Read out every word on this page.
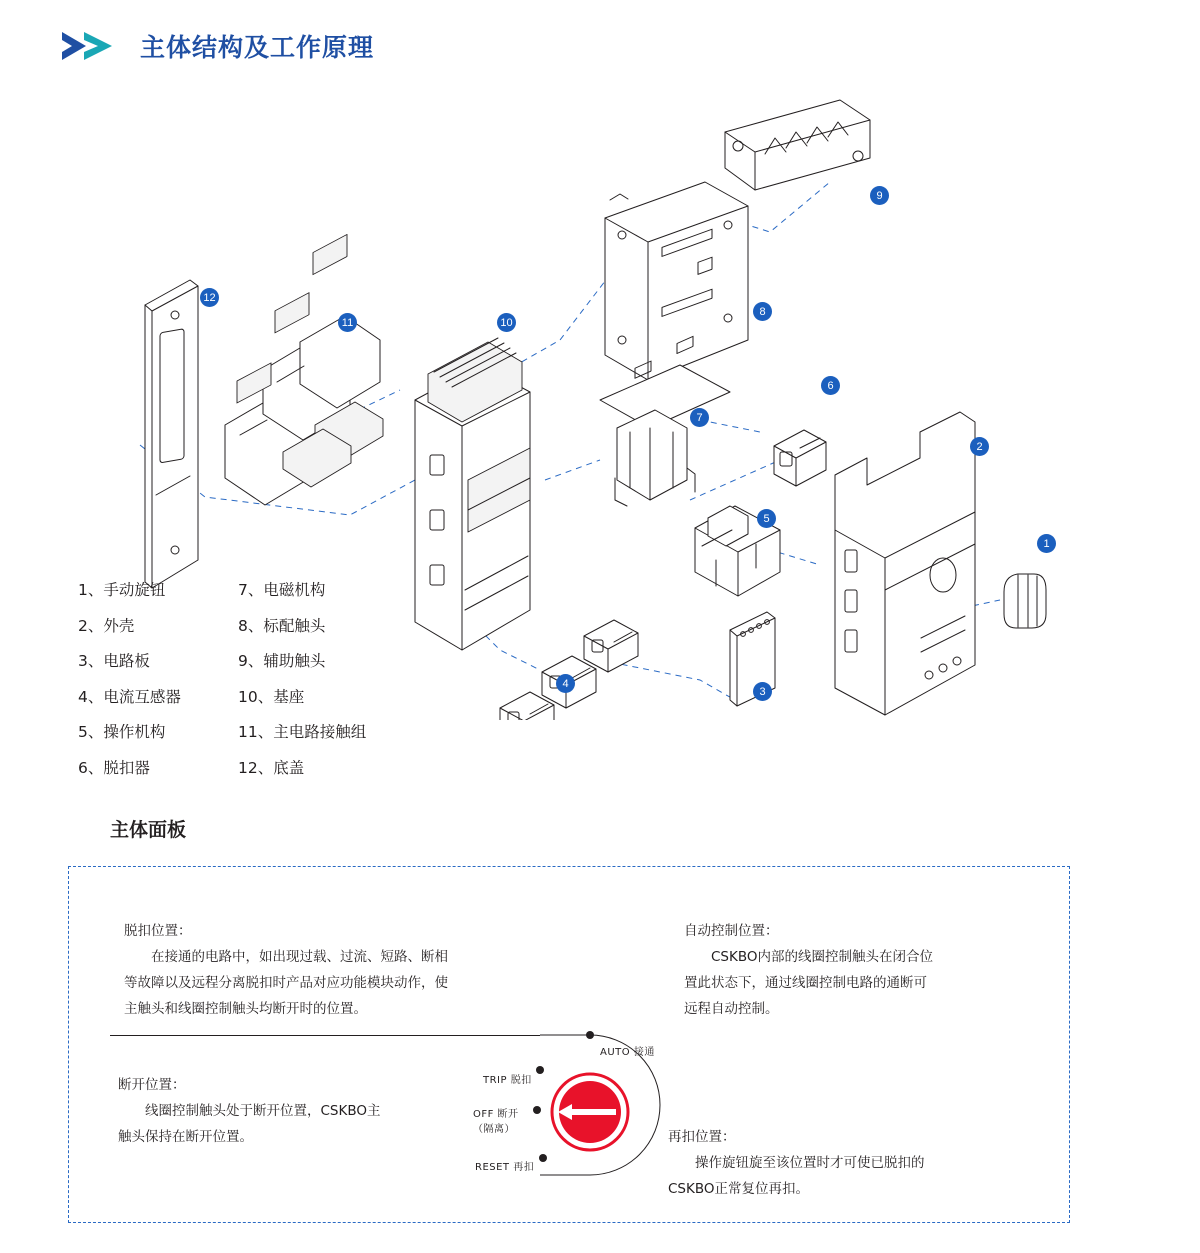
主体结构及工作原理
12
11	10
9
8
7
6
5
4
3
2
1
1、手动旋钮
2、外壳
3、电路板
4、电流互感器
5、操作机构
6、脱扣器
7、电磁机构
8、标配触头
9、辅助触头
10、基座
11、主电路接触组
12、底盖
主体面板
脱扣位置：
在接通的电路中，如出现过载、过流、短路、断相
等故障以及远程分离脱扣时产品对应功能模块动作，使
主触头和线圈控制触头均断开时的位置。
自动控制位置：
CSKBO内部的线圈控制触头在闭合位
置此状态下，通过线圈控制电路的通断可
远程自动控制。
断开位置：
线圈控制触头处于断开位置，CSKBO主
触头保持在断开位置。	再扣位置：
操作旋钮旋至该位置时才可使已脱扣的
CSKBO正常复位再扣。
AUTO 接通
TRIP 脱扣
OFF 断开
（隔离）
RESET 再扣
